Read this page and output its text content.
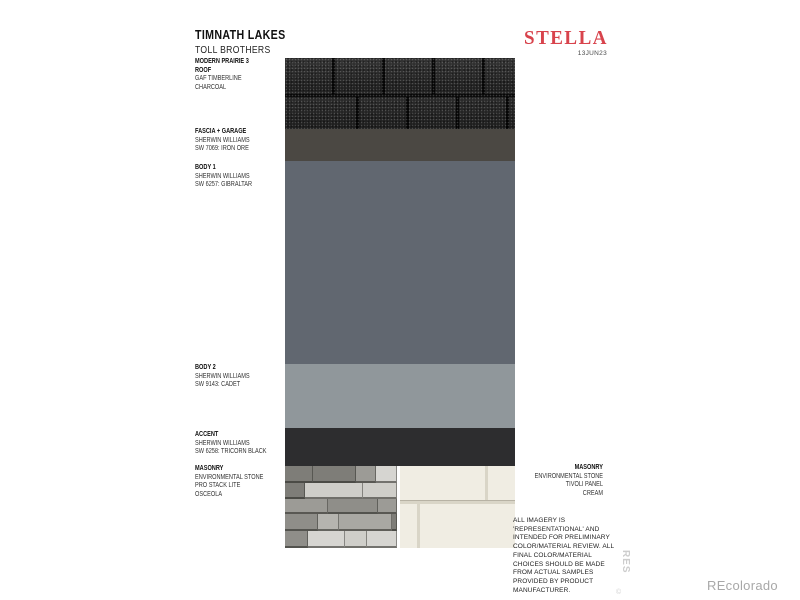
TIMNATH LAKES
TOLL BROTHERS
STELLA
13JUN23
MODERN PRAIRIE 3
ROOF
GAF TIMBERLINE
CHARCOAL
FASCIA + GARAGE
SHERWIN WILLIAMS
SW 7069: IRON ORE
BODY 1
SHERWIN WILLIAMS
SW 6257: GIBRALTAR
BODY 2
SHERWIN WILLIAMS
SW 9143: CADET
ACCENT
SHERWIN WILLIAMS
SW 6258: TRICORN BLACK
MASONRY
ENVIRONMENTAL STONE
PRO STACK LITE
OSCEOLA
MASONRY
ENVIRONMENTAL STONE
TIVOLI PANEL
CREAM
ALL IMAGERY IS 'REPRESENTATIONAL' AND INTENDED FOR PRELIMINARY COLOR/MATERIAL REVIEW. ALL FINAL COLOR/MATERIAL CHOICES SHOULD BE MADE FROM ACTUAL SAMPLES PROVIDED BY PRODUCT MANUFACTURER.
RES
©	REcolorado
